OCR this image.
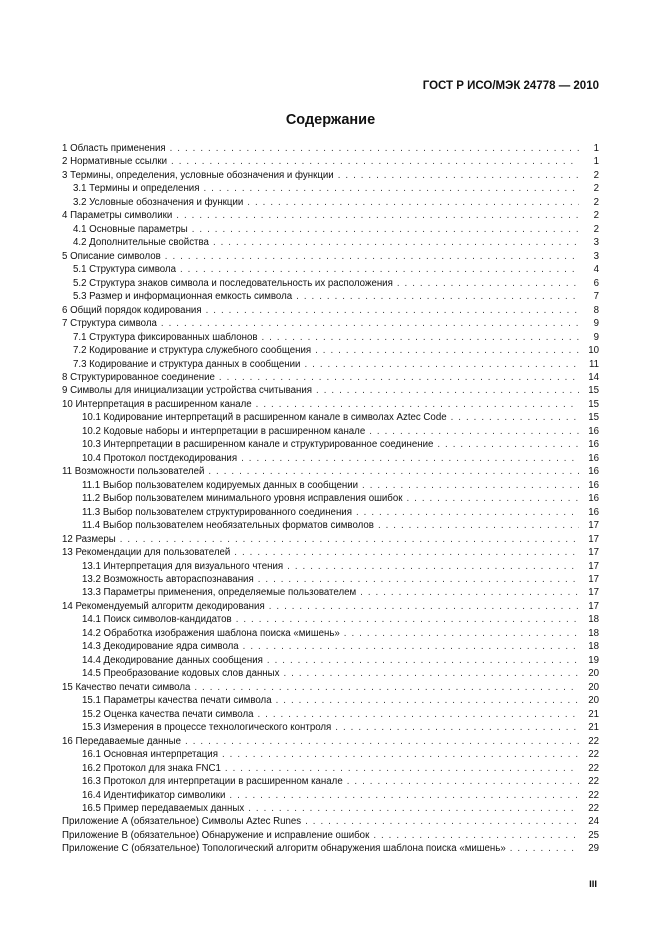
ГОСТ Р ИСО/МЭК 24778 — 2010
Содержание
1 Область применения . . .	1
2 Нормативные ссылки . . .	1
3 Термины, определения, условные обозначения и функции . . .	2
3.1 Термины и определения . . .	2
3.2 Условные обозначения и функции . . .	2
4 Параметры символики . . .	2
4.1 Основные параметры . . .	2
4.2 Дополнительные свойства . . .	3
5 Описание символов . . .	3
5.1 Структура символа . . .	4
5.2 Структура знаков символа и последовательность их расположения . . .	6
5.3 Размер и информационная емкость символа . . .	7
6 Общий порядок кодирования . . .	8
7 Структура символа . . .	9
7.1 Структура фиксированных шаблонов . . .	9
7.2 Кодирование и структура служебного сообщения . . .	10
7.3 Кодирование и структура данных в сообщении . . .	11
8 Структурированное соединение . . .	14
9 Символы для инициализации устройства считывания . . .	15
10 Интерпретация в расширенном канале . . .	15
10.1 Кодирование интерпретаций в расширенном канале в символах Aztec Code . . .	15
10.2 Кодовые наборы и интерпретации в расширенном канале . . .	16
10.3 Интерпретации в расширенном канале и структурированное соединение . . .	16
10.4 Протокол постдекодирования . . .	16
11 Возможности пользователей . . .	16
11.1 Выбор пользователем кодируемых данных в сообщении . . .	16
11.2 Выбор пользователем минимального уровня исправления ошибок . . .	16
11.3 Выбор пользователем структурированного соединения . . .	16
11.4 Выбор пользователем необязательных форматов символов . . .	17
12 Размеры . . .	17
13 Рекомендации для пользователей . . .	17
13.1 Интерпретация для визуального чтения . . .	17
13.2 Возможность автораспознавания . . .	17
13.3 Параметры применения, определяемые пользователем . . .	17
14 Рекомендуемый алгоритм декодирования . . .	17
14.1 Поиск символов-кандидатов . . .	18
14.2 Обработка изображения шаблона поиска «мишень» . . .	18
14.3 Декодирование ядра символа . . .	18
14.4 Декодирование данных сообщения . . .	19
14.5 Преобразование кодовых слов данных . . .	20
15 Качество печати символа . . .	20
15.1 Параметры качества печати символа . . .	20
15.2 Оценка качества печати символа . . .	21
15.3 Измерения в процессе технологического контроля . . .	21
16 Передаваемые данные . . .	22
16.1 Основная интерпретация . . .	22
16.2 Протокол для знака FNC1 . . .	22
16.3 Протокол для интерпретации в расширенном канале . . .	22
16.4 Идентификатор символики . . .	22
16.5 Пример передаваемых данных . . .	22
Приложение А (обязательное) Символы Aztec Runes . . .	24
Приложение В (обязательное) Обнаружение и исправление ошибок . . .	25
Приложение С (обязательное) Топологический алгоритм обнаружения шаблона поиска «мишень» . . .	29
III
